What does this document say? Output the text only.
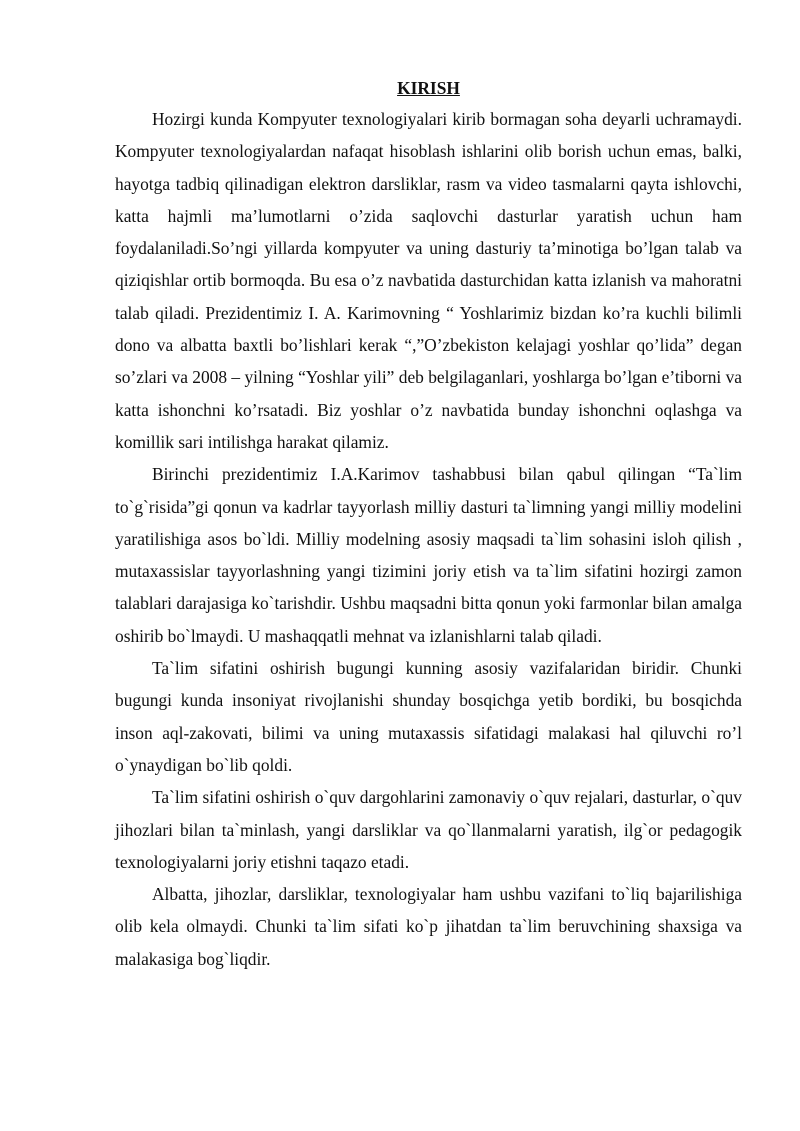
KIRISH

Hozirgi kunda Kompyuter texnologiyalari kirib bormagan soha deyarli uchramaydi. Kompyuter texnologiyalardan nafaqat hisoblash ishlarini olib borish uchun emas, balki, hayotga tadbiq qilinadigan elektron darsliklar, rasm va video tasmalarni qayta ishlovchi, katta hajmli ma’lumotlarni o’zida saqlovchi dasturlar yaratish uchun ham foydalaniladi.So’ngi yillarda kompyuter va uning dasturiy ta’minotiga bo’lgan talab va qiziqishlar ortib bormoqda. Bu esa o’z navbatida dasturchidan katta izlanish va mahoratni talab qiladi. Prezidentimiz I. A. Karimovning “ Yoshlarimiz bizdan ko’ra kuchli bilimli dono va albatta baxtli bo’lishlari kerak “,”O’zbekiston kelajagi yoshlar qo’lida” degan so’zlari va 2008 – yilning “Yoshlar yili” deb belgilaganlari, yoshlarga bo’lgan e’tiborni va katta ishonchni ko’rsatadi. Biz yoshlar o’z navbatida bunday ishonchni oqlashga va komillik sari intilishga harakat qilamiz.

Birinchi prezidentimiz I.A.Karimov tashabbusi bilan qabul qilingan “Ta`lim to`g`risida”gi qonun va kadrlar tayyorlash milliy dasturi ta`limning yangi milliy modelini yaratilishiga asos bo`ldi. Milliy modelning asosiy maqsadi ta`lim sohasini isloh qilish , mutaxassislar tayyorlashning yangi tizimini joriy etish va ta`lim sifatini hozirgi zamon talablari darajasiga ko`tarishdir. Ushbu maqsadni bitta qonun yoki farmonlar bilan amalga oshirib bo`lmaydi. U mashaqqatli mehnat va izlanishlarni talab qiladi.

Ta`lim sifatini oshirish bugungi kunning asosiy vazifalaridan biridir. Chunki bugungi kunda insoniyat rivojlanishi shunday bosqichga yetib bordiki, bu bosqichda inson aql-zakovati, bilimi va uning mutaxassis sifatidagi malakasi hal qiluvchi ro’l o`ynaydigan bo`lib qoldi.

Ta`lim sifatini oshirish o`quv dargohlarini zamonaviy o`quv rejalari, dasturlar, o`quv jihozlari bilan ta`minlash, yangi darsliklar va qo`llanmalarni yaratish, ilg`or pedagogik texnologiyalarni joriy etishni taqazo etadi.

Albatta, jihozlar, darsliklar, texnologiyalar ham ushbu vazifani to`liq bajarilishiga olib kela olmaydi. Chunki ta`lim sifati ko`p jihatdan ta`lim beruvchining shaxsiga va malakasiga bog`liqdir.
